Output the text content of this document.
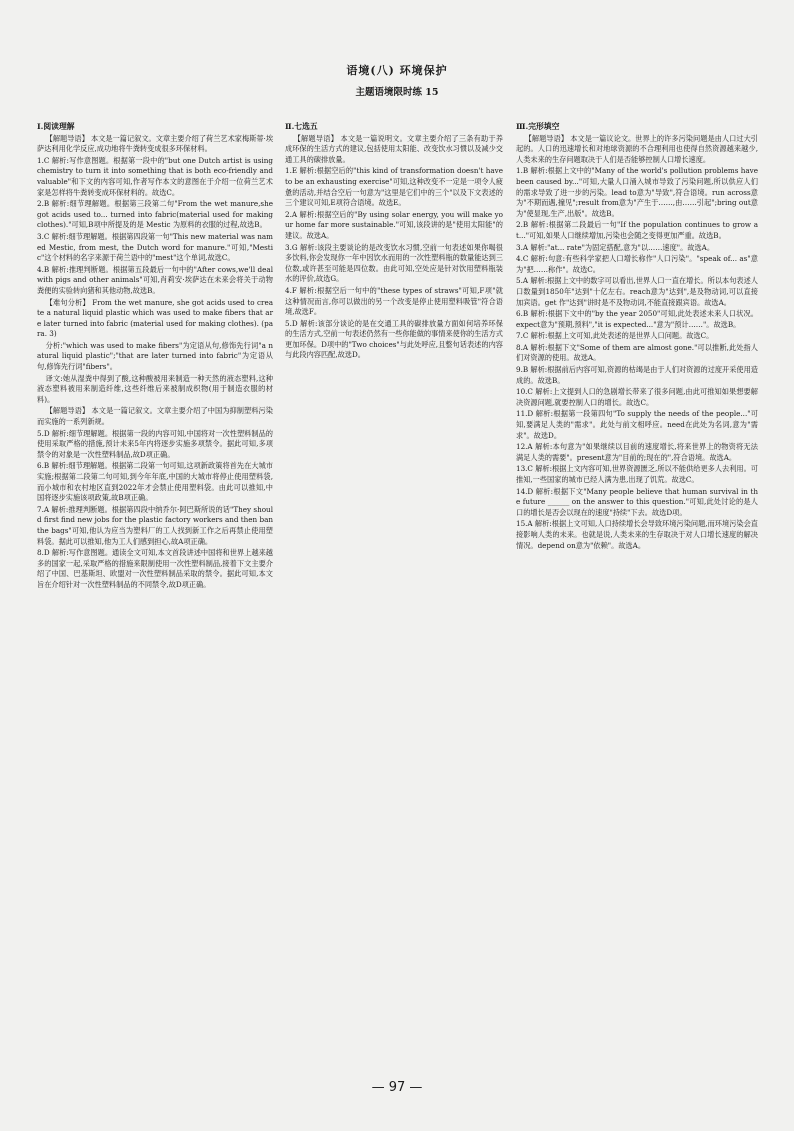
语境(八) 环境保护
主题语境限时练 15
Ⅰ.阅读理解
【解题导语】 本文是一篇记叙文。文章主要介绍了荷兰艺术家梅斯蒂·埃萨达利用化学反应,成功地将牛粪转变成很多环保材料。
1.C 解析:写作意图题。根据第一段中的"but one Dutch artist is using chemistry to turn it into something that is both eco-friendly and valuable"和下文的内容可知,作者写作本文的意图在于介绍一位荷兰艺术家是怎样将牛粪转变成环保材料的。故选C。
2.B 解析:细节理解题。根据第三段第二句"From the wet manure,she got acids used to... turned into fabric(material used for making clothes)."可知,B项中所提及的是 Mestic 为原料的衣服的过程,故选B。
3.C 解析:细节理解题。根据第四段第一句"This new material was named Mestic, from mest, the Dutch word for manure."可知,"Mestic"这个材料的名字来源于荷兰语中的"mest"这个单词,故选C。
4.B 解析:推理判断题。根据第五段最后一句中的"After cows,we'll deal with pigs and other animals"可知,肖莉安·埃萨达在未来会将关于动物粪便的实验转向猪和其他动物,故选B。
【难句分析】 From the wet manure, she got acids used to create a natural liquid plastic which was used to make fibers that are later turned into fabric (material used for making clothes). (para. 3)
分析:"which was used to make fibers"为定语从句,修饰先行词"a natural liquid plastic";"that are later turned into fabric"为定语从句,修饰先行词"fibers"。
译文:她从湿粪中得到了酸,这种酸被用来制造一种天然的液态塑料,这种液态塑料被用来制造纤维,这些纤维后来被制成织物(用于制造衣服的材料)。
【解题导语】 本文是一篇记叙文。文章主要介绍了中国为抑制塑料污染而实施的一系列新规。
5.D 解析:细节理解题。根据第一段的内容可知,中国将对一次性塑料制品的使用采取严格的措施,预计未来5年内将逐步实施多项禁令。据此可知,多项禁令的对象是一次性塑料制品,故D项正确。
6.B 解析:细节理解题。根据第二段第一句可知,这项新政策将首先在大城市实施;根据第二段第二句可知,到今年年底,中国的大城市将停止使用塑料袋,而小城市和农村地区直到2022年才会禁止使用塑料袋。由此可以推知,中国将逐步实施该项政策,故B项正确。
7.A 解析:推理判断题。根据第四段中纳乔尔·阿巴斯所说的话"They should first find new jobs for the plastic factory workers and then ban the bags"可知,他认为应当为塑料厂的工人找到新工作之后再禁止使用塑料袋。据此可以推知,他为工人们感到担心,故A项正确。
8.D 解析:写作意图题。通读全文可知,本文首段讲述中国将和世界上越来越多的国家一起,采取严格的措施来限制使用一次性塑料制品,接着下文主要介绍了中国、巴基斯坦、欧盟对一次性塑料制品采取的禁令。据此可知,本文旨在介绍针对一次性塑料制品的不同禁令,故D项正确。
Ⅱ.七选五
【解题导语】 本文是一篇说明文。文章主要介绍了三条有助于养成环保的生活方式的建议,包括使用太阳能、改变饮水习惯以及减少交通工具的碳排放量。
1.E 解析:根据空后的"this kind of transformation doesn't have to be an exhausting exercise"可知,这种改变不一定是一项令人疲惫的活动,并结合空后一句意为"这里是它们中的三个"以及下文表述的三个建议可知,E项符合语境。故选E。
2.A 解析:根据空后的"By using solar energy, you will make your home far more sustainable."可知,该段讲的是"使用太阳能"的建议。故选A。
3.G 解析:该段主要谈论的是改变饮水习惯,空前一句表述如果你喝很多饮料,你会发现你一年中因饮水而用的一次性塑料瓶的数量能达到三位数,或许甚至可能是四位数。由此可知,空处应是针对饮用塑料瓶装水的评价,故选G。
4.F 解析:根据空后一句中的"these types of straws"可知,F项"就这种情况而言,你可以做出的另一个改变是停止使用塑料吸管"符合语境,故选F。
5.D 解析:该部分谈论的是在交通工具的碳排放量方面如何培养环保的生活方式,空前一句表述仍然有一些你能做的事情来使你的生活方式更加环保。D项中的"Two choices"与此处呼应,且整句话表述的内容与此段内容匹配,故选D。
Ⅲ.完形填空
【解题导语】 本文是一篇议论文。世界上的许多污染问题是由人口过大引起的。人口的迅速增长和对地球资源的不合理利用也使得自然资源越来越少,人类未来的生存问题取决于人们是否能够控制人口增长速度。
1.B 解析:根据上文中的"Many of the world's pollution problems have been caused by..."可知,大量人口涌入城市导致了污染问题,所以供应人们的需求导致了进一步的污染。lead to意为"导致",符合语境。run across意为"不期而遇,撞见";result from意为"产生于……,由……引起";bring out意为"使显现,生产,出版"。故选B。
2.B 解析:根据第二段最后一句"If the population continues to grow at..."可知,如果人口继续增加,污染也会随之变得更加严重。故选B。
3.A 解析:"at... rate"为固定搭配,意为"以……速度"。故选A。
4.C 解析:句意:有些科学家把人口增长称作"人口污染"。"speak of... as"意为"把……称作"。故选C。
5.A 解析:根据上文中的数字可以看出,世界人口一直在增长。所以本句表述人口数量到1850年"达到"十亿左右。reach意为"达到",是及物动词,可以直接加宾语。get 作"达到"讲时是不及物动词,不能直接跟宾语。故选A。
6.B 解析:根据下文中的"by the year 2050"可知,此处表述未来人口状况。expect意为"预期,预料","it is expected..."意为"预计……"。故选B。
7.C 解析:根据上文可知,此处表述的是世界人口问题。故选C。
8.A 解析:根据下文"Some of them are almost gone."可以推断,此处指人们对资源的使用。故选A。
9.B 解析:根据前后内容可知,资源的枯竭是由于人们对资源的过度开采使用造成的。故选B。
10.C 解析:上文提到人口的急剧增长带来了很多问题,由此可推知如果想要解决资源问题,就要控制人口的增长。故选C。
11.D 解析:根据第一段第四句"To supply the needs of the people..."可知,要满足人类的"需求"。此处与前文相呼应。need在此处为名词,意为"需求"。故选D。
12.A 解析:本句意为"如果继续以目前的速度增长,将来世界上的物资将无法满足人类的需要"。present意为"目前的;现在的",符合语境。故选A。
13.C 解析:根据上文内容可知,世界资源匮乏,所以不能供给更多人去利用。可推知,一些国家的城市已经人满为患,出现了饥荒。故选C。
14.D 解析:根据下文"Many people believe that human survival in the future ______ on the answer to this question."可知,此处讨论的是人口的增长是否会以现在的速度"持续"下去。故选D项。
15.A 解析:根据上文可知,人口持续增长会导致环境污染问题,而环境污染会直接影响人类的未来。也就是说,人类未来的生存取决于对人口增长速度的解决情况。depend on意为"依赖"。故选A。
— 97 —
